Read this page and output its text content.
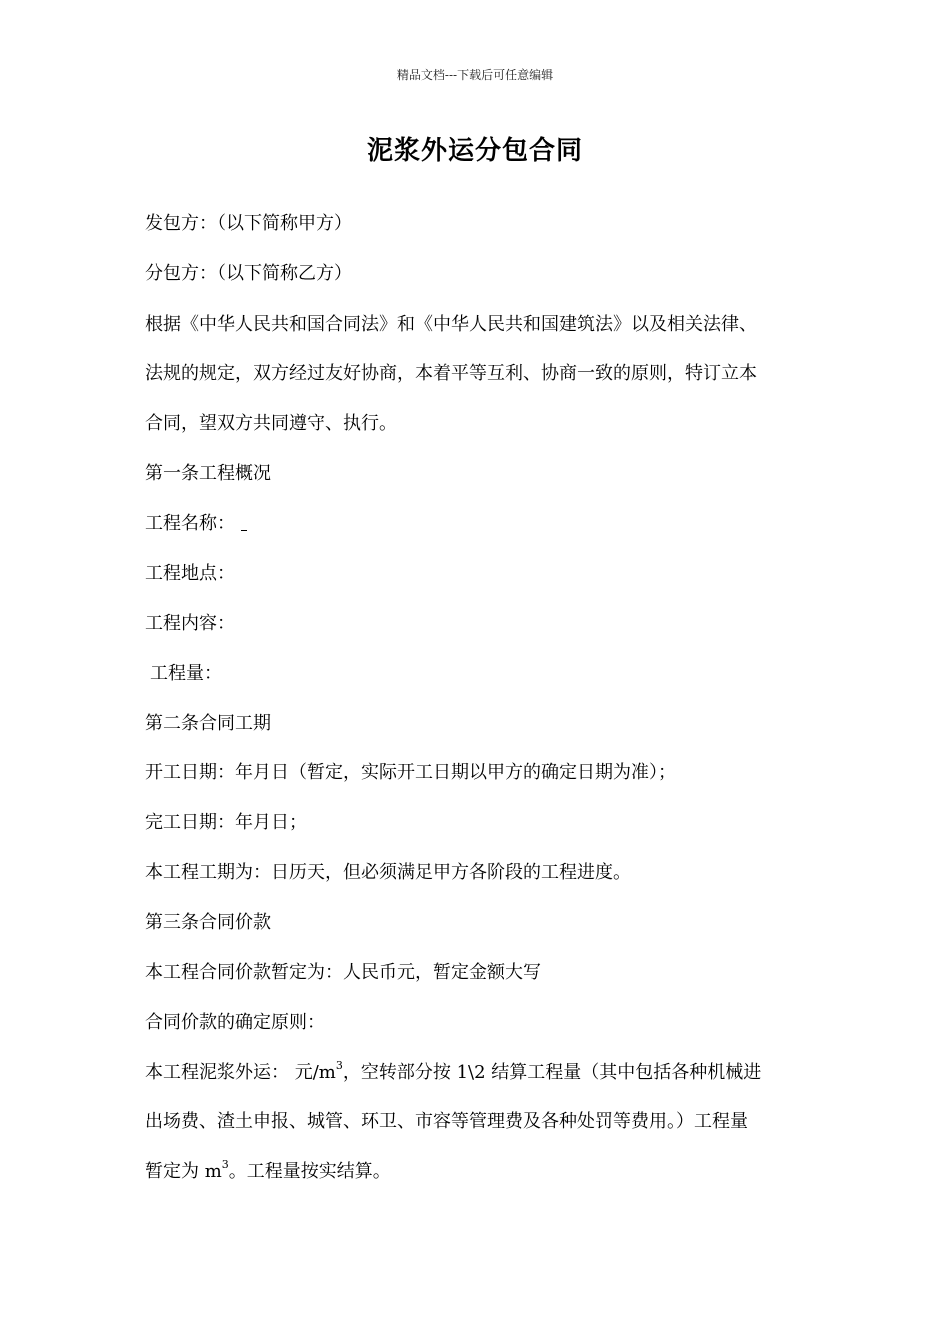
精品文档---下载后可任意编辑
泥浆外运分包合同
发包方：（以下简称甲方）
分包方：（以下简称乙方）
根据《中华人民共和国合同法》和《中华人民共和国建筑法》以及相关法律、
法规的规定，双方经过友好协商，本着平等互利、协商一致的原则，特订立本
合同，望双方共同遵守、执行。
第一条工程概况
工程名称：
工程地点：
工程内容：
工程量：
第二条合同工期
开工日期：年月日（暂定，实际开工日期以甲方的确定日期为准）；
完工日期：年月日；
本工程工期为：日历天，但必须满足甲方各阶段的工程进度。
第三条合同价款
本工程合同价款暂定为：人民币元，暂定金额大写
合同价款的确定原则：
本工程泥浆外运： 元$/m^3$，空转部分按 1\2 结算工程量（其中包括各种机械进
出场费、渣土申报、城管、环卫、市容等管理费及各种处罚等费用。）工程量
暂定为 $m^3$。工程量按实结算。
